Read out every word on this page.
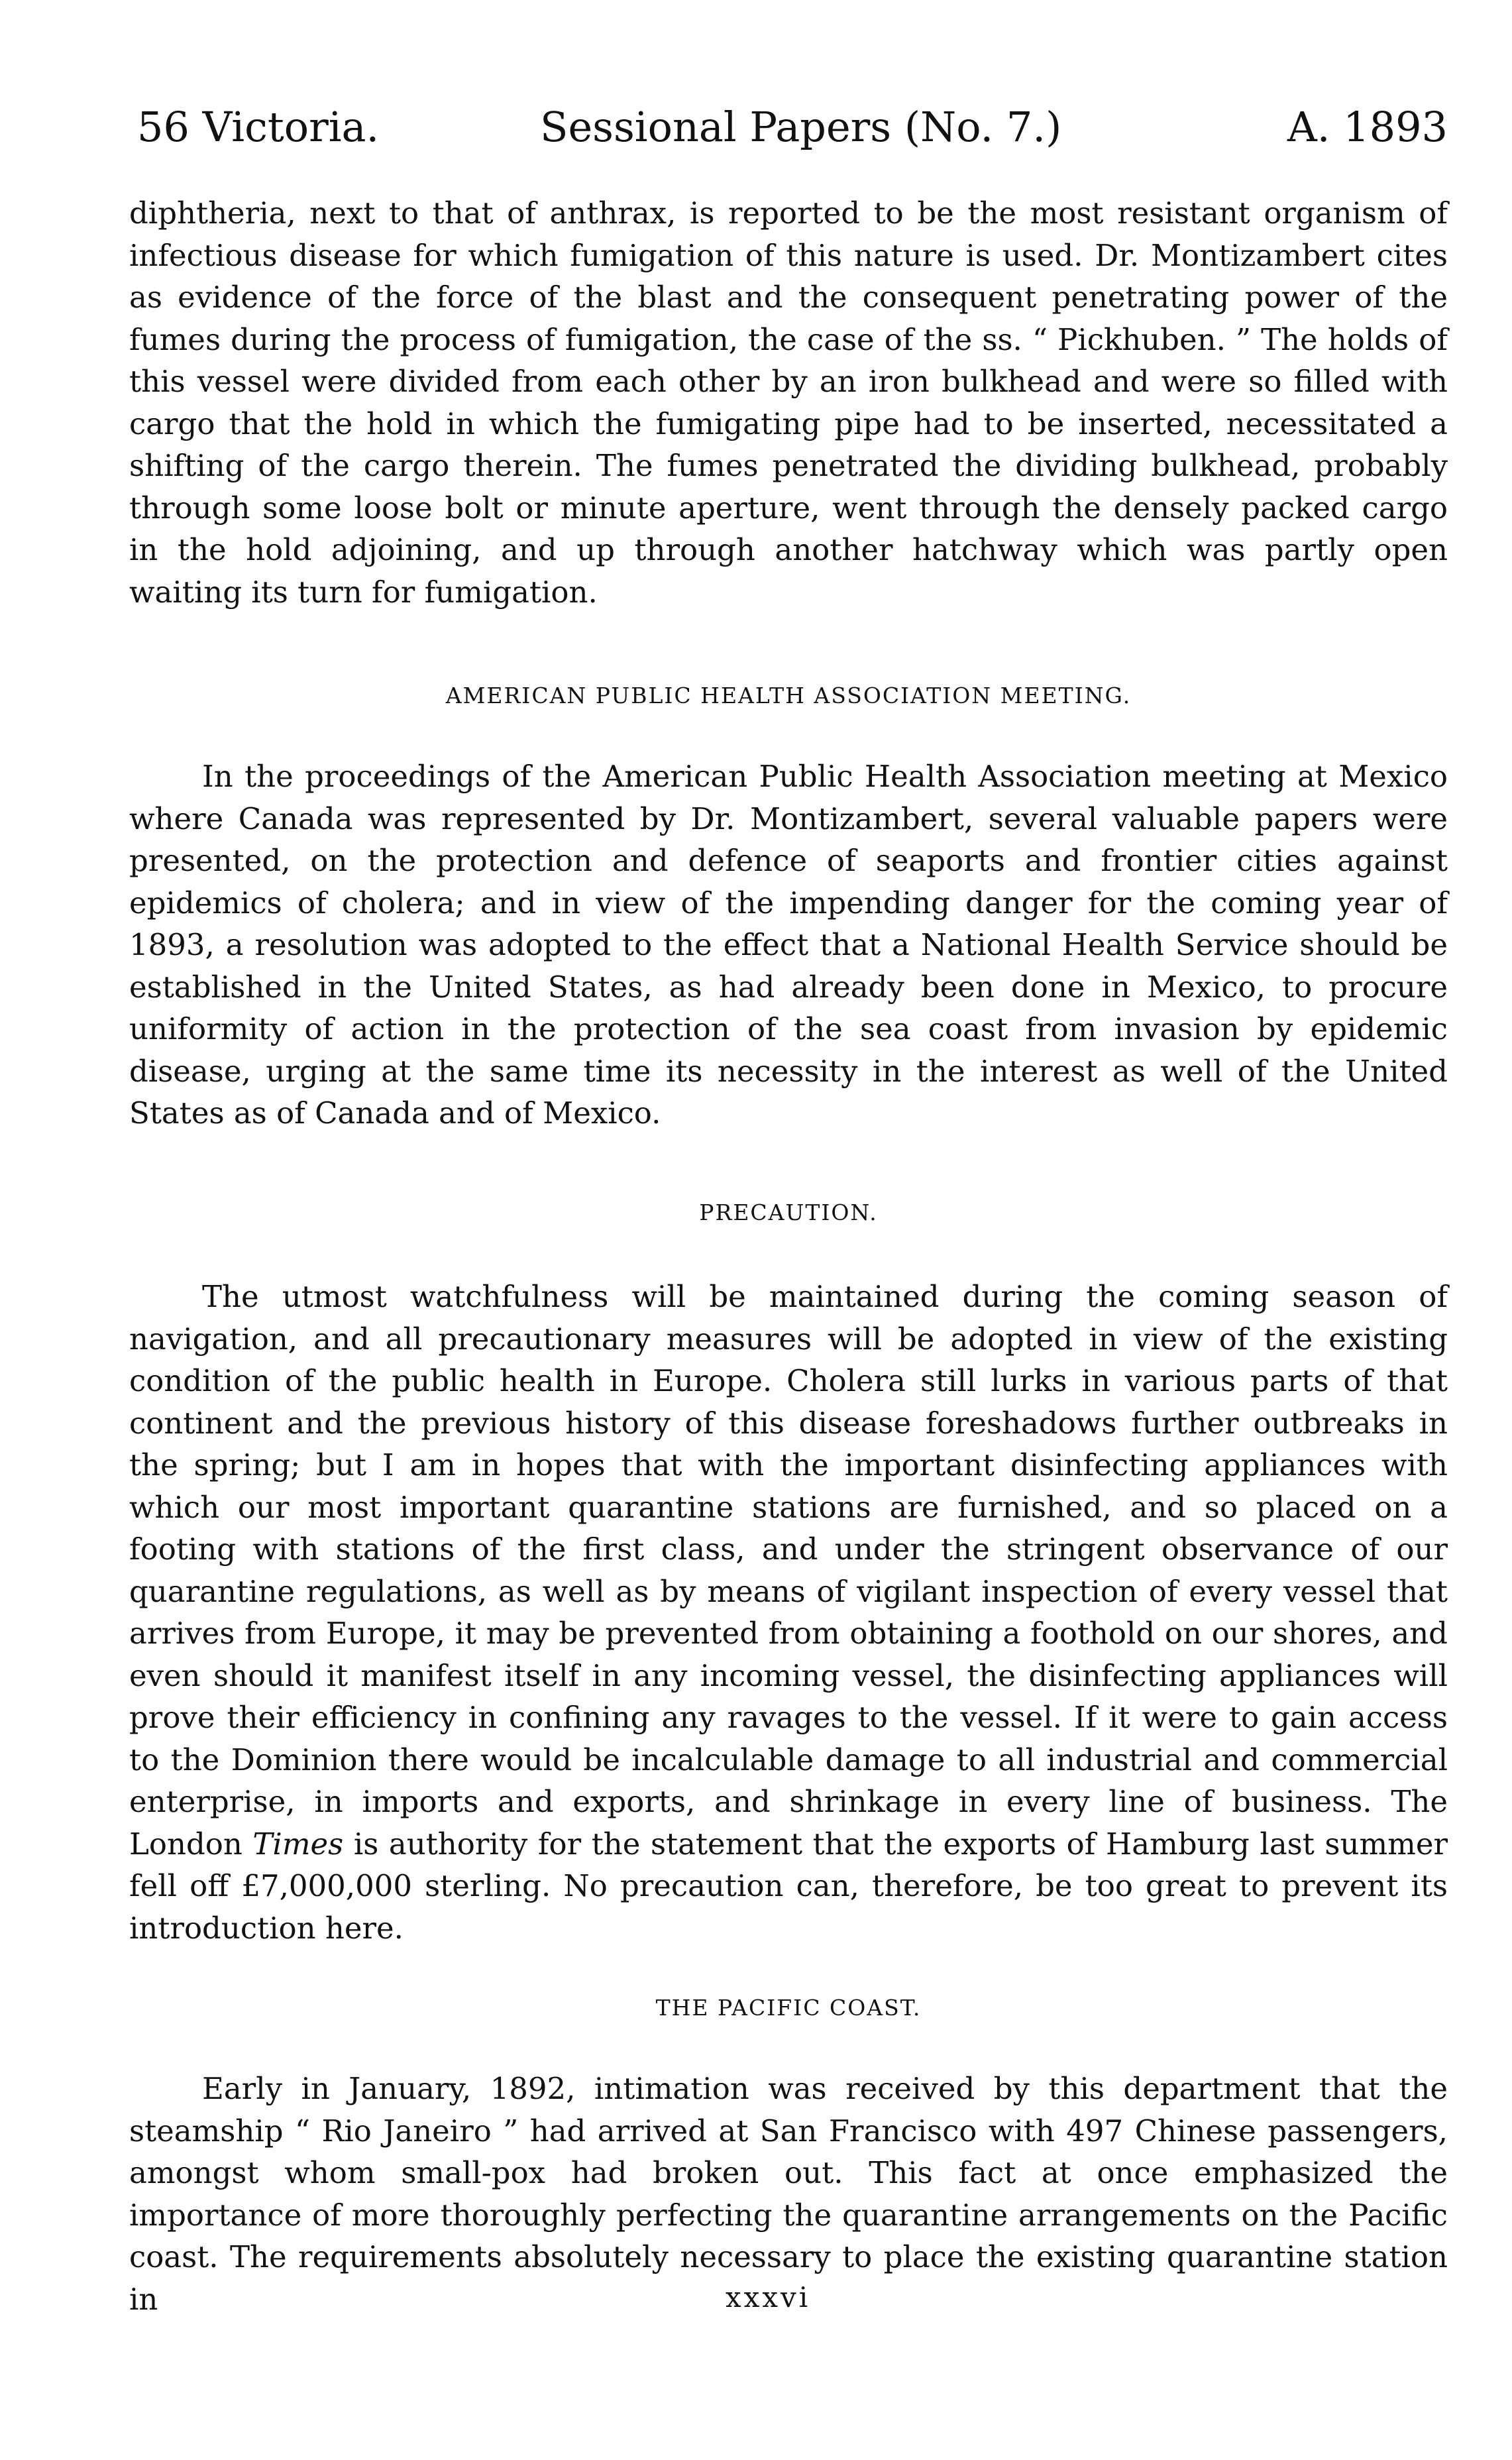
56 Victoria.	Sessional Papers (No. 7.)	A. 1893

diphtheria, next to that of anthrax, is reported to be the most resistant organism of infectious disease for which fumigation of this nature is used. Dr. Montizambert cites as evidence of the force of the blast and the consequent penetrating power of the fumes during the process of fumigation, the case of the ss. “ Pickhuben. ” The holds of this vessel were divided from each other by an iron bulkhead and were so filled with cargo that the hold in which the fumigating pipe had to be inserted, necessitated a shifting of the cargo therein. The fumes penetrated the dividing bulkhead, probably through some loose bolt or minute aperture, went through the densely packed cargo in the hold adjoining, and up through another hatchway which was partly open waiting its turn for fumigation.

AMERICAN PUBLIC HEALTH ASSOCIATION MEETING.

In the proceedings of the American Public Health Association meeting at Mexico where Canada was represented by Dr. Montizambert, several valuable papers were presented, on the protection and defence of seaports and frontier cities against epidemics of cholera; and in view of the impending danger for the coming year of 1893, a resolution was adopted to the effect that a National Health Service should be established in the United States, as had already been done in Mexico, to procure uniformity of action in the protection of the sea coast from invasion by epidemic disease, urging at the same time its necessity in the interest as well of the United States as of Canada and of Mexico.

PRECAUTION.

The utmost watchfulness will be maintained during the coming season of navigation, and all precautionary measures will be adopted in view of the existing condition of the public health in Europe. Cholera still lurks in various parts of that continent and the previous history of this disease foreshadows further outbreaks in the spring; but I am in hopes that with the important disinfecting appliances with which our most important quarantine stations are furnished, and so placed on a footing with stations of the first class, and under the stringent observance of our quarantine regulations, as well as by means of vigilant inspection of every vessel that arrives from Europe, it may be prevented from obtaining a foothold on our shores, and even should it manifest itself in any incoming vessel, the disinfecting appliances will prove their efficiency in confining any ravages to the vessel. If it were to gain access to the Dominion there would be incalculable damage to all industrial and commercial enterprise, in imports and exports, and shrinkage in every line of business. The London Times is authority for the statement that the exports of Hamburg last summer fell off £7,000,000 sterling. No precaution can, therefore, be too great to prevent its introduction here.

THE PACIFIC COAST.

Early in January, 1892, intimation was received by this department that the steamship “ Rio Janeiro ” had arrived at San Francisco with 497 Chinese passengers, amongst whom small-pox had broken out. This fact at once emphasized the importance of more thoroughly perfecting the quarantine arrangements on the Pacific coast. The requirements absolutely necessary to place the existing quarantine station in	xxxvi
